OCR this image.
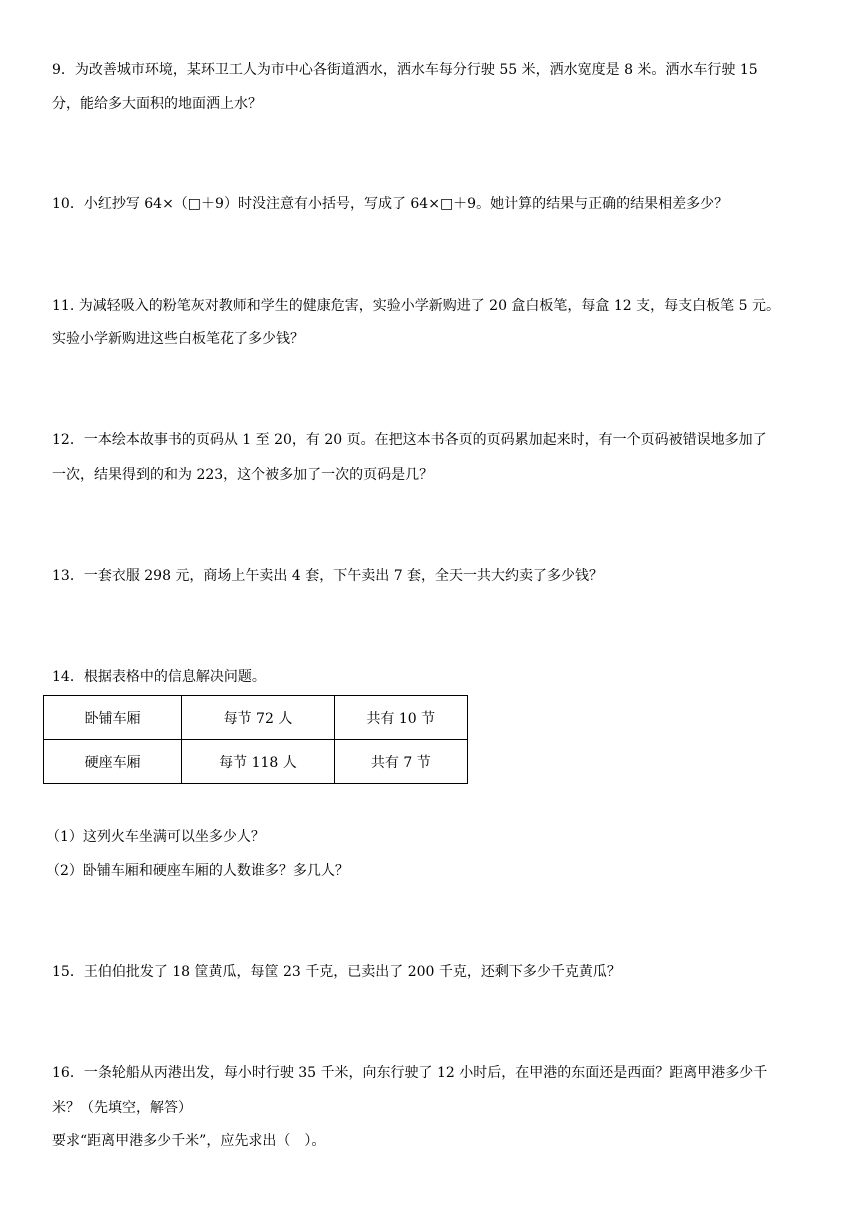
9．为改善城市环境，某环卫工人为市中心各街道洒水，洒水车每分行驶 55 米，洒水宽度是 8 米。洒水车行驶 15
分，能给多大面积的地面洒上水？
10．小红抄写 64×（□＋9）时没注意有小括号，写成了 64×□＋9。她计算的结果与正确的结果相差多少？
11. 为减轻吸入的粉笔灰对教师和学生的健康危害，实验小学新购进了 20 盒白板笔，每盒 12 支，每支白板笔 5 元。
实验小学新购进这些白板笔花了多少钱？
12．一本绘本故事书的页码从 1 至 20，有 20 页。在把这本书各页的页码累加起来时，有一个页码被错误地多加了
一次，结果得到的和为 223，这个被多加了一次的页码是几？
13．一套衣服 298 元，商场上午卖出 4 套，下午卖出 7 套，全天一共大约卖了多少钱？
14．根据表格中的信息解决问题。
卧铺车厢	每节 72 人	共有 10 节
硬座车厢	每节 118 人	共有 7 节
（1）这列火车坐满可以坐多少人？
（2）卧铺车厢和硬座车厢的人数谁多？多几人？
15．王伯伯批发了 18 筐黄瓜，每筐 23 千克，已卖出了 200 千克，还剩下多少千克黄瓜？
16．一条轮船从丙港出发，每小时行驶 35 千米，向东行驶了 12 小时后，在甲港的东面还是西面？距离甲港多少千
米？（先填空，解答）
要求“距离甲港多少千米”，应先求出（　）。
